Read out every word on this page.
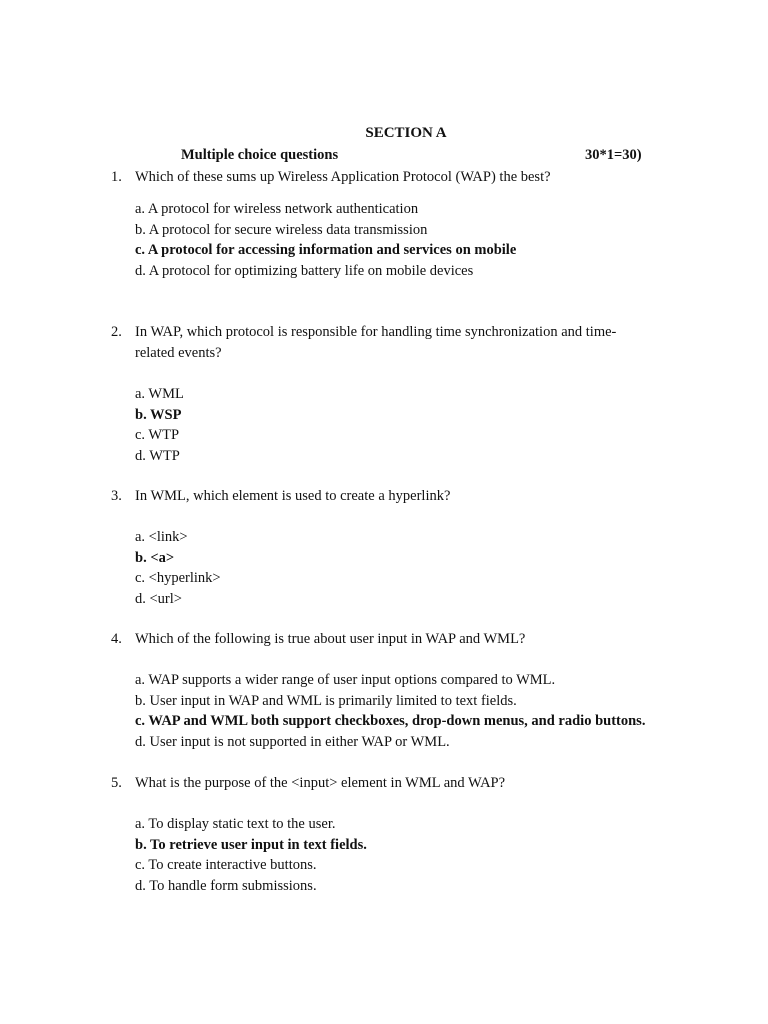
SECTION A
Multiple choice questions	30*1=30)
1. Which of these sums up Wireless Application Protocol (WAP) the best?
a. A protocol for wireless network authentication
b. A protocol for secure wireless data transmission
c. A protocol for accessing information and services on mobile
d. A protocol for optimizing battery life on mobile devices
2. In WAP, which protocol is responsible for handling time synchronization and time-related events?
a. WML
b. WSP
c. WTP
d. WTP
3. In WML, which element is used to create a hyperlink?
a. <link>
b. <a>
c. <hyperlink>
d. <url>
4. Which of the following is true about user input in WAP and WML?
a. WAP supports a wider range of user input options compared to WML.
b. User input in WAP and WML is primarily limited to text fields.
c. WAP and WML both support checkboxes, drop-down menus, and radio buttons.
d. User input is not supported in either WAP or WML.
5. What is the purpose of the <input> element in WML and WAP?
a. To display static text to the user.
b. To retrieve user input in text fields.
c. To create interactive buttons.
d. To handle form submissions.
